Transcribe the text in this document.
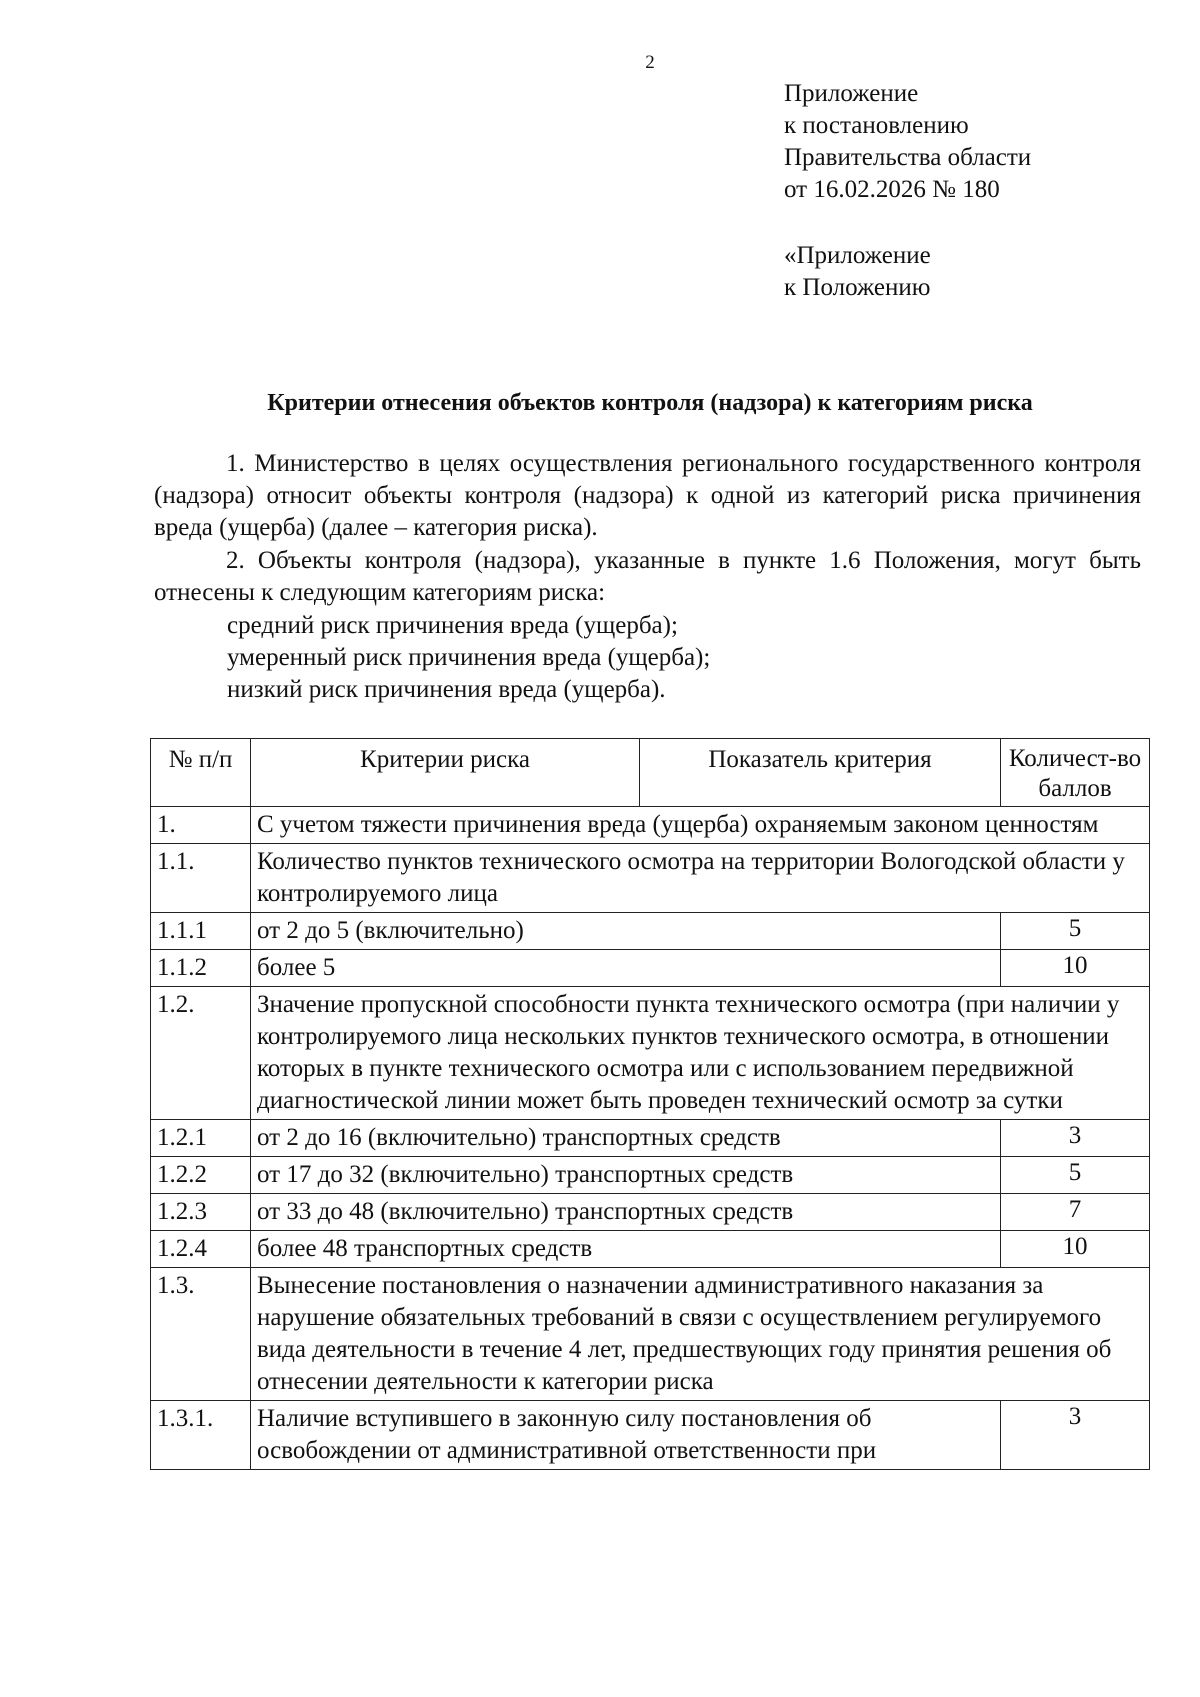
2
Приложение
к постановлению
Правительства области
от 16.02.2026 № 180
«Приложение
к Положению
Критерии отнесения объектов контроля (надзора) к категориям риска

1. Министерство в целях осуществления регионального государственного контроля (надзора) относит объекты контроля (надзора) к одной из категорий риска причинения вреда (ущерба) (далее – категория риска).

2. Объекты контроля (надзора), указанные в пункте 1.6 Положения, могут быть отнесены к следующим категориям риска:

средний риск причинения вреда (ущерба);
умеренный риск причинения вреда (ущерба);
низкий риск причинения вреда (ущерба).
№ п/п	Критерии риска	Показатель критерия	Количест-во баллов
1.	С учетом тяжести причинения вреда (ущерба) охраняемым законом ценностям		
1.1.	Количество пунктов технического осмотра на территории Вологодской области у контролируемого лица		
1.1.1	от 2 до 5 (включительно)		5
1.1.2	более 5		10
1.2.	Значение пропускной способности пункта технического осмотра (при наличии у контролируемого лица нескольких пунктов технического осмотра, в отношении которых в пункте технического осмотра или с использованием передвижной диагностической линии может быть проведен технический осмотр за сутки		
1.2.1	от 2 до 16 (включительно) транспортных средств		3
1.2.2	от 17 до 32 (включительно) транспортных средств		5
1.2.3	от 33 до 48 (включительно) транспортных средств		7
1.2.4	более 48 транспортных средств		10
1.3.	Вынесение постановления о назначении административного наказания за нарушение обязательных требований в связи с осуществлением регулируемого вида деятельности в течение 4 лет, предшествующих году принятия решения об отнесении деятельности к категории риска		
1.3.1.	Наличие вступившего в законную силу постановления об освобождении от административной ответственности при		3
